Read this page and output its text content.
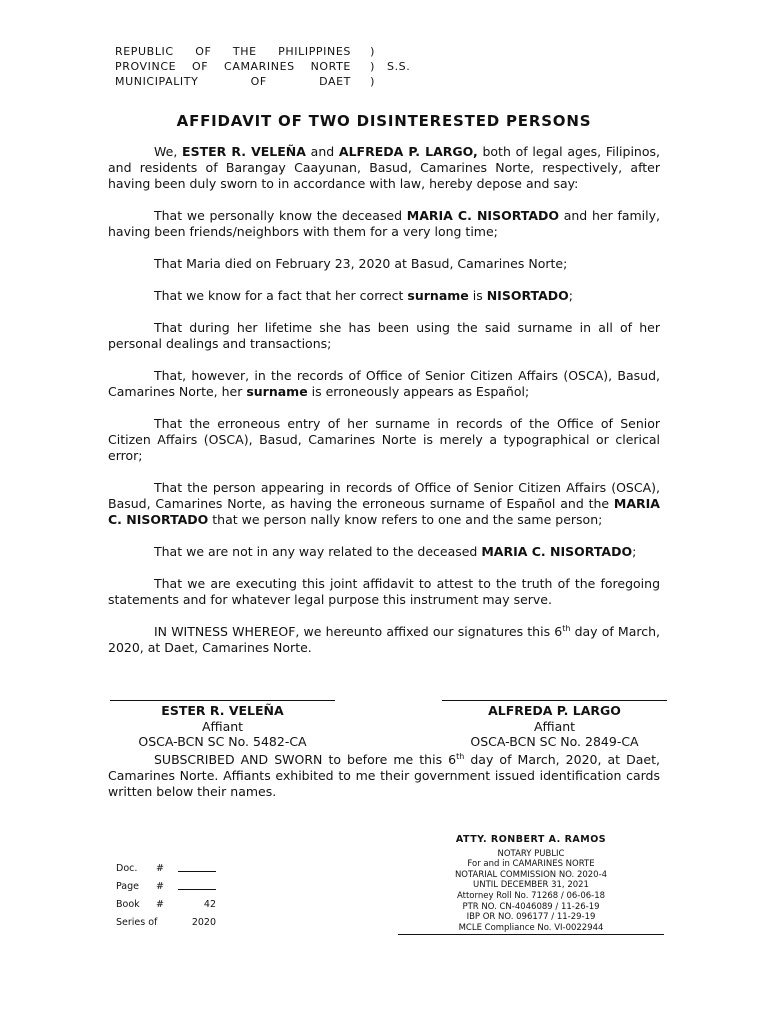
REPUBLIC OF THE PHILIPPINES	)
PROVINCE OF CAMARINES NORTE	)	S.S.
MUNICIPALITY	OF	DAET	)
AFFIDAVIT OF TWO DISINTERESTED PERSONS

We, ESTER R. VELEÑA and ALFREDA P. LARGO, both of legal ages, Filipinos, and residents of Barangay Caayunan, Basud, Camarines Norte, respectively, after having been duly sworn to in accordance with law, hereby depose and say:

That we personally know the deceased MARIA C. NISORTADO and her family, having been friends/neighbors with them for a very long time;

That Maria died on February 23, 2020 at Basud, Camarines Norte;

That we know for a fact that her correct surname is NISORTADO;

That during her lifetime she has been using the said surname in all of her personal dealings and transactions;

That, however, in the records of Office of Senior Citizen Affairs (OSCA), Basud, Camarines Norte, her surname is erroneously appears as Español;

That the erroneous entry of her surname in records of the Office of Senior Citizen Affairs (OSCA), Basud, Camarines Norte is merely a typographical or clerical error;

That the person appearing in records of Office of Senior Citizen Affairs (OSCA), Basud, Camarines Norte, as having the erroneous surname of Español and the MARIA C. NISORTADO that we person nally know refers to one and the same person;

That we are not in any way related to the deceased MARIA C. NISORTADO;

That we are executing this joint affidavit to attest to the truth of the foregoing statements and for whatever legal purpose this instrument may serve.

IN WITNESS WHEREOF, we hereunto affixed our signatures this 6th day of March, 2020, at Daet, Camarines Norte.

ESTER R. VELEÑA
Affiant
OSCA-BCN SC No. 5482-CA
ALFREDA P. LARGO
Affiant
OSCA-BCN SC No. 2849-CA
SUBSCRIBED AND SWORN to before me this 6th day of March, 2020, at Daet, Camarines Norte. Affiants exhibited to me their government issued identification cards written below their names.
ATTY. RONBERT A. RAMOS
NOTARY PUBLIC
For and in CAMARINES NORTE
NOTARIAL COMMISSION NO. 2020-4
UNTIL DECEMBER 31, 2021
Attorney Roll No. 71268 / 06-06-18
PTR NO. CN-4046089 / 11-26-19
IBP OR NO. 096177 / 11-29-19
MCLE Compliance No. VI-0022944
Doc.	#
Page	#
Book	#	42
Series of	2020
